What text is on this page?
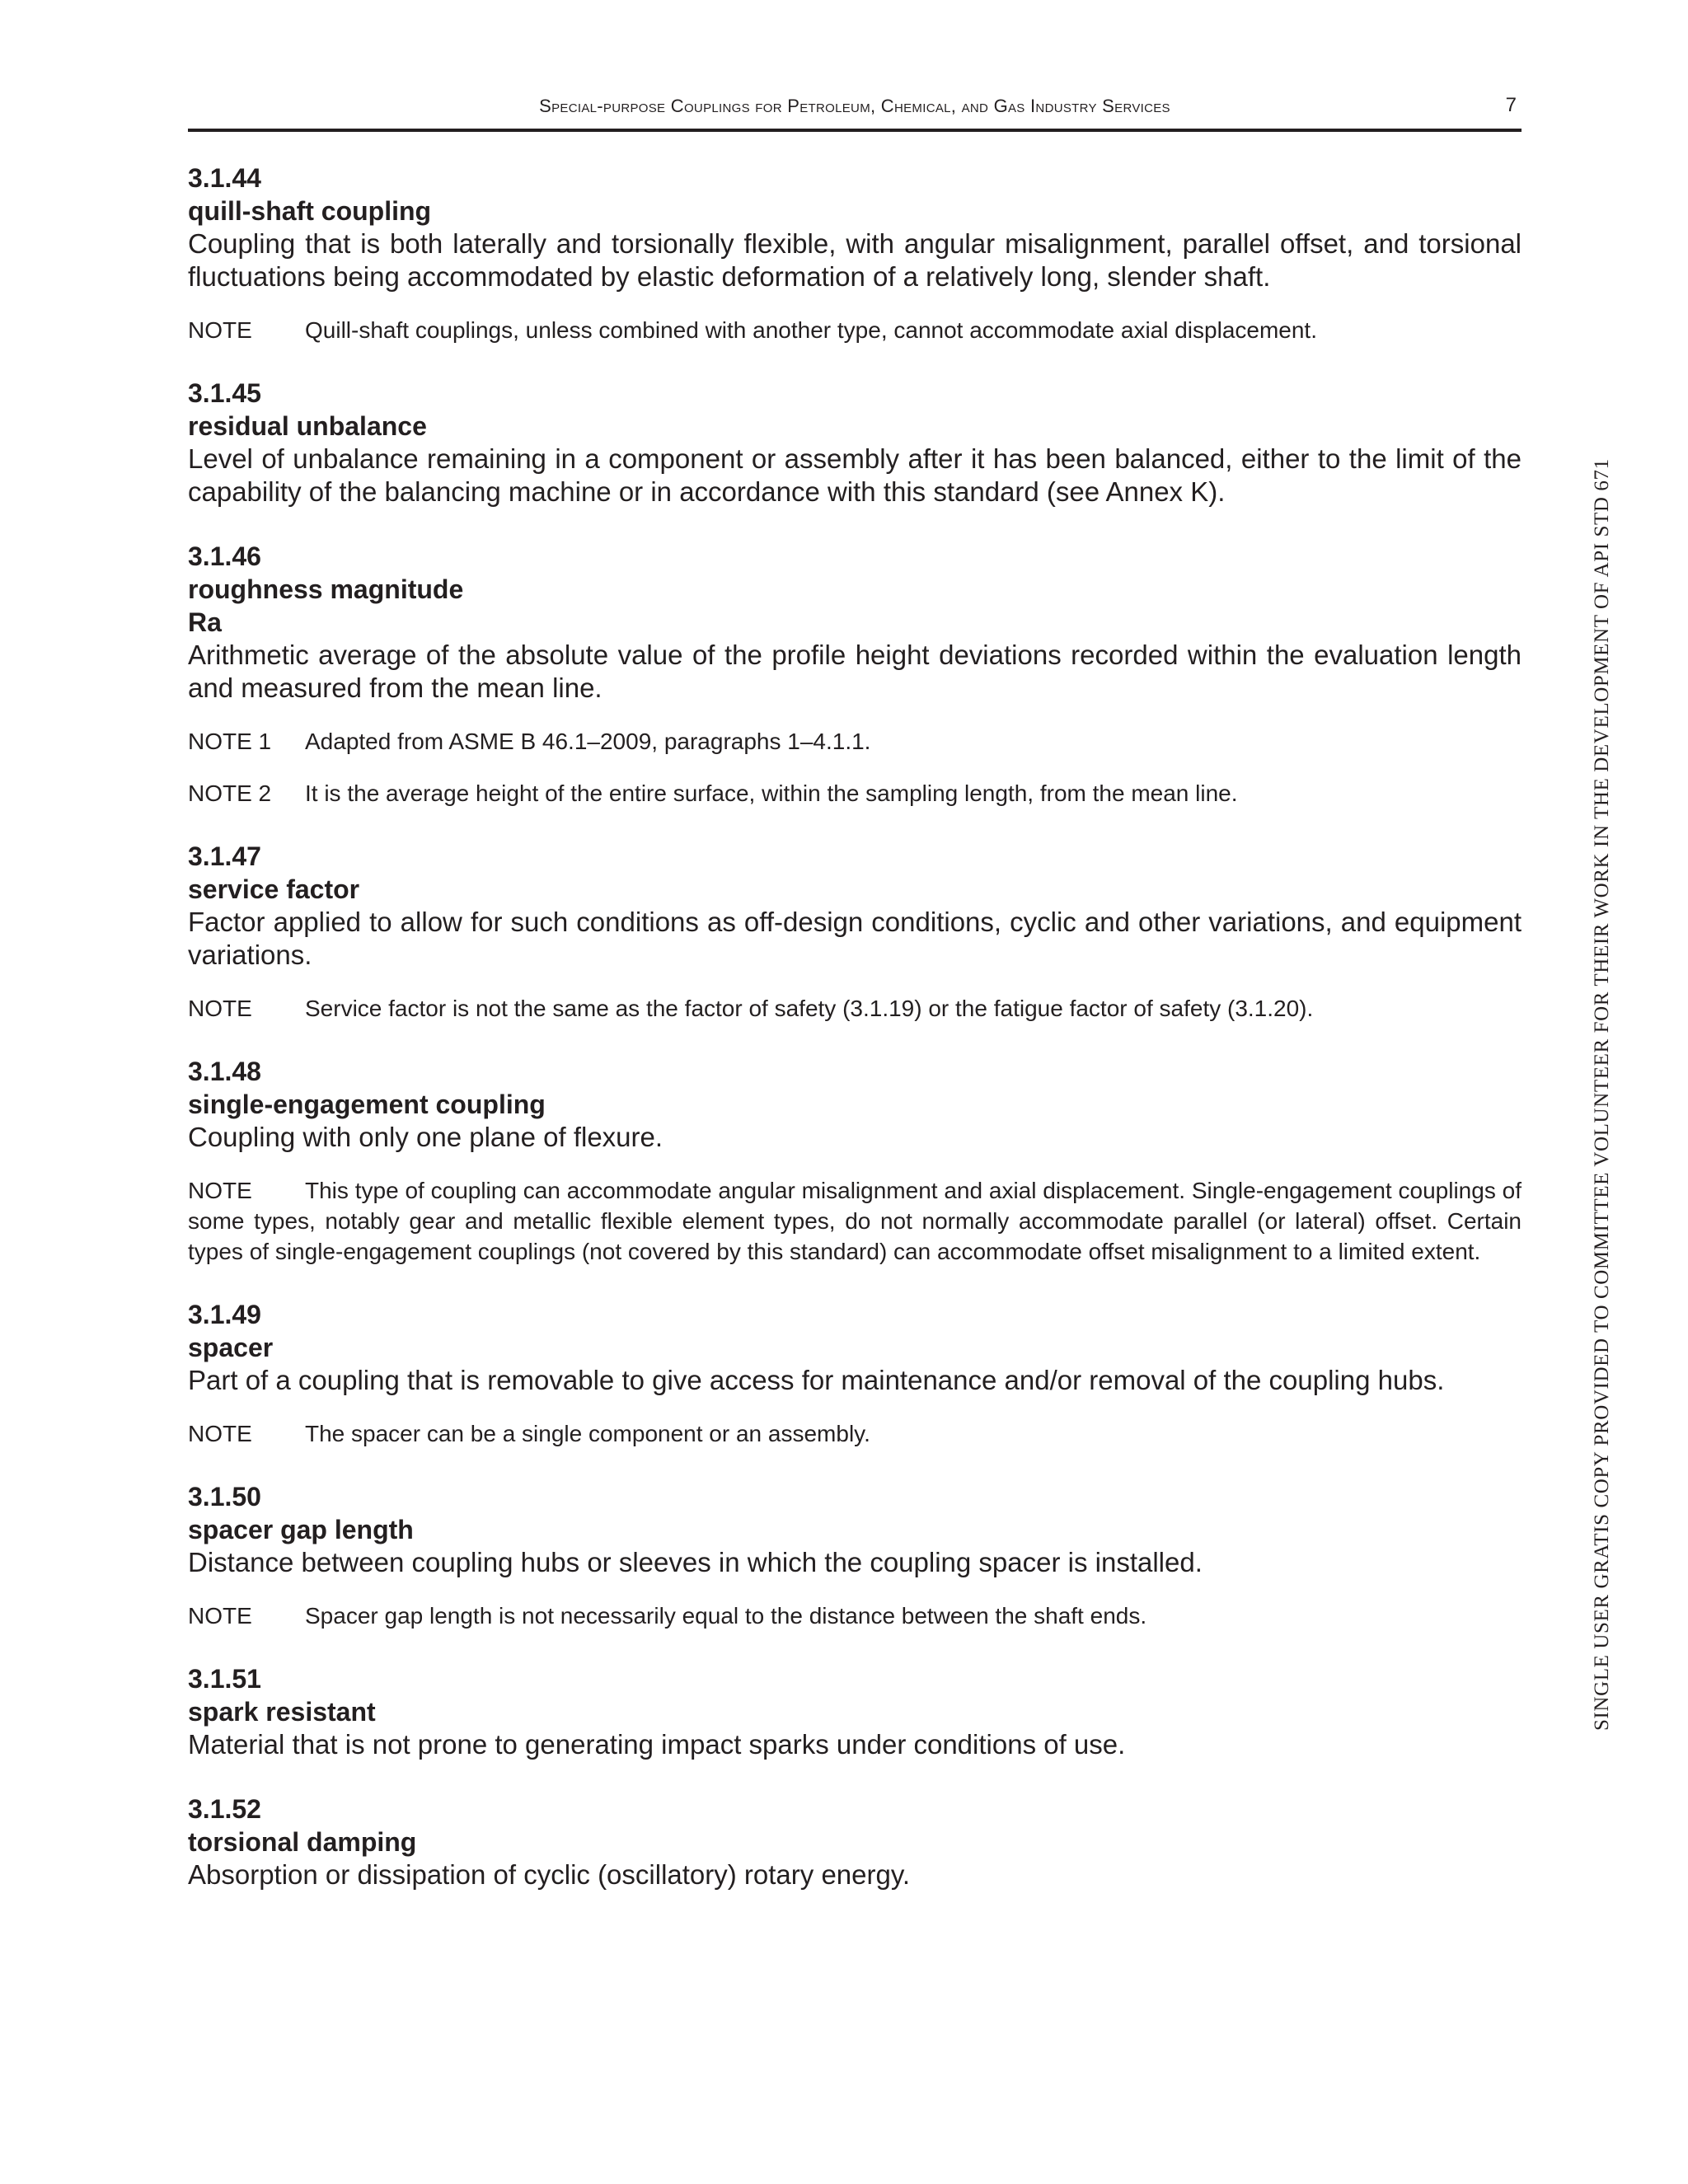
Special-purpose Couplings for Petroleum, Chemical, and Gas Industry Services	7
3.1.44
quill-shaft coupling
Coupling that is both laterally and torsionally flexible, with angular misalignment, parallel offset, and torsional fluctuations being accommodated by elastic deformation of a relatively long, slender shaft.
NOTE Quill-shaft couplings, unless combined with another type, cannot accommodate axial displacement.
3.1.45
residual unbalance
Level of unbalance remaining in a component or assembly after it has been balanced, either to the limit of the capability of the balancing machine or in accordance with this standard (see Annex K).
3.1.46
roughness magnitude
Ra
Arithmetic average of the absolute value of the profile height deviations recorded within the evaluation length and measured from the mean line.
NOTE 1 Adapted from ASME B 46.1–2009, paragraphs 1–4.1.1.
NOTE 2 It is the average height of the entire surface, within the sampling length, from the mean line.
3.1.47
service factor
Factor applied to allow for such conditions as off-design conditions, cyclic and other variations, and equipment variations.
NOTE Service factor is not the same as the factor of safety (3.1.19) or the fatigue factor of safety (3.1.20).
3.1.48
single-engagement coupling
Coupling with only one plane of flexure.
NOTE This type of coupling can accommodate angular misalignment and axial displacement. Single-engagement couplings of some types, notably gear and metallic flexible element types, do not normally accommodate parallel (or lateral) offset. Certain types of single-engagement couplings (not covered by this standard) can accommodate offset misalignment to a limited extent.
3.1.49
spacer
Part of a coupling that is removable to give access for maintenance and/or removal of the coupling hubs.
NOTE The spacer can be a single component or an assembly.
3.1.50
spacer gap length
Distance between coupling hubs or sleeves in which the coupling spacer is installed.
NOTE Spacer gap length is not necessarily equal to the distance between the shaft ends.
3.1.51
spark resistant
Material that is not prone to generating impact sparks under conditions of use.
3.1.52
torsional damping
Absorption or dissipation of cyclic (oscillatory) rotary energy.
SINGLE USER GRATIS COPY PROVIDED TO COMMITTEE VOLUNTEER FOR THEIR WORK IN THE DEVELOPMENT OF API STD 671
